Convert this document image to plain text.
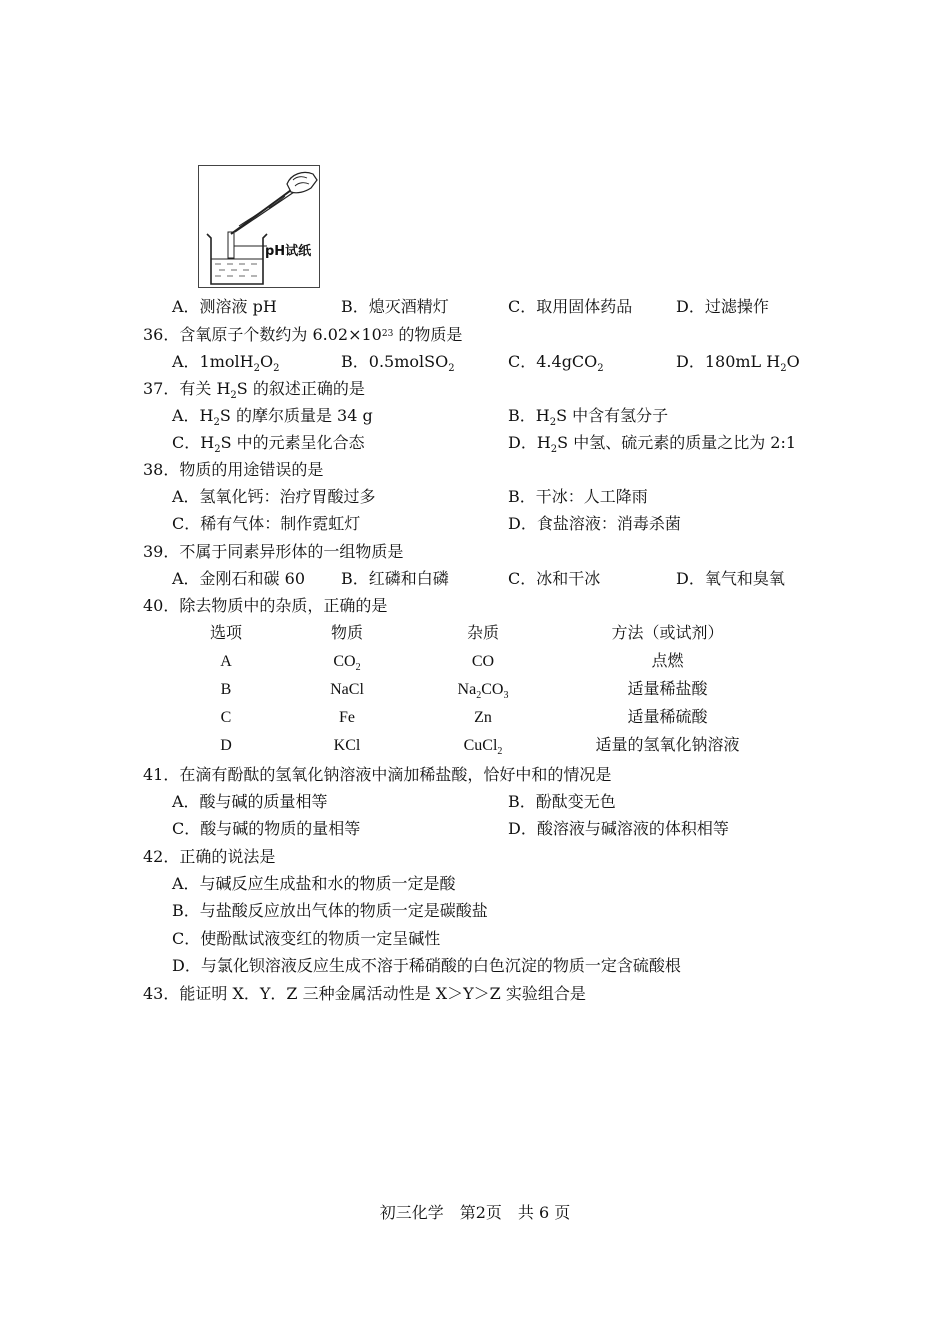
pH试纸
A．测溶液 pH	B．熄灭酒精灯	C．取用固体药品	D．过滤操作
36．含氧原子个数约为 $6.02\times 10^{23}$ 的物质是
A．$1molH_2O_2$	B．0.5molSO$_2$	C．4.4gCO$_2$	D．180mL $H_2O$
37．有关 $H_2S$ 的叙述正确的是
A．$H_2S$ 的摩尔质量是 34 g	B．$H_2S$ 中含有氢分子
C．$H_2S$ 中的元素呈化合态	D．$H_2S$ 中氢、硫元素的质量之比为 2:1
38．物质的用途错误的是
A．氢氧化钙：治疗胃酸过多	B．干冰：人工降雨
C．稀有气体：制作霓虹灯	D．食盐溶液：消毒杀菌
39．不属于同素异形体的一组物质是
A．金刚石和碳 60 B．红磷和白磷	C．冰和干冰	D．氧气和臭氧
40．除去物质中的杂质，正确的是
选项	物质	杂质	方法（或试剂）
A	$CO_2$	CO	点燃
B	NaCl	$Na_2CO_3$	适量稀盐酸
C	Fe	Zn	适量稀硫酸
D	KCl	CuCl$_2$	适量的氢氧化钠溶液
41．在滴有酚酞的氢氧化钠溶液中滴加稀盐酸，恰好中和的情况是
A．酸与碱的质量相等	B．酚酞变无色
C．酸与碱的物质的量相等	D．酸溶液与碱溶液的体积相等
42．正确的说法是
A．与碱反应生成盐和水的物质一定是酸
B．与盐酸反应放出气体的物质一定是碳酸盐
C．使酚酞试液变红的物质一定呈碱性
D．与氯化钡溶液反应生成不溶于稀硝酸的白色沉淀的物质一定含硫酸根
43．能证明 X．Y．Z 三种金属活动性是 X＞Y＞Z 实验组合是
初三化学　第2页　共 6 页
